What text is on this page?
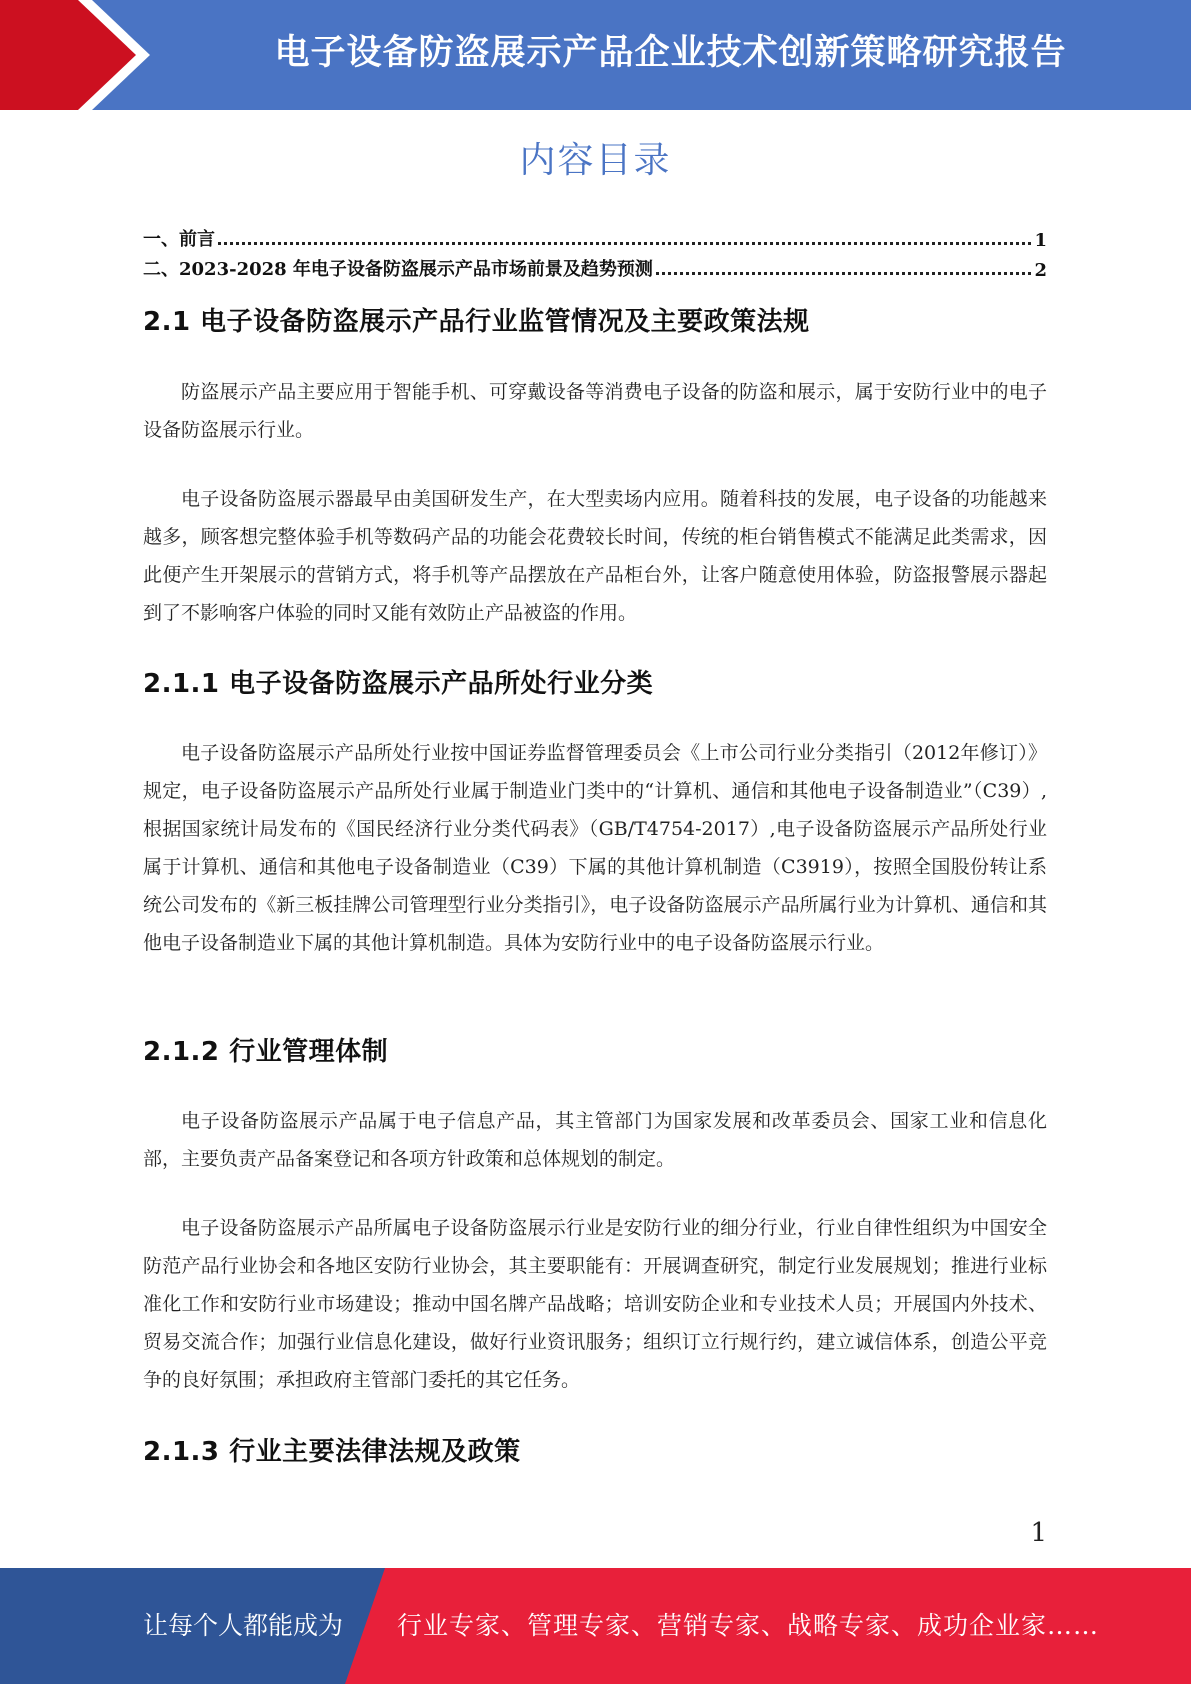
电子设备防盗展示产品企业技术创新策略研究报告
内容目录
一、前言	1
二、2023-2028 年电子设备防盗展示产品市场前景及趋势预测	2
2.1 电子设备防盗展示产品行业监管情况及主要政策法规
防盗展示产品主要应用于智能手机、可穿戴设备等消费电子设备的防盗和展示，属于安防行业中的电子设备防盗展示行业。
电子设备防盗展示器最早由美国研发生产，在大型卖场内应用。随着科技的发展，电子设备的功能越来越多，顾客想完整体验手机等数码产品的功能会花费较长时间，传统的柜台销售模式不能满足此类需求，因此便产生开架展示的营销方式，将手机等产品摆放在产品柜台外，让客户随意使用体验，防盗报警展示器起到了不影响客户体验的同时又能有效防止产品被盗的作用。
2.1.1 电子设备防盗展示产品所处行业分类
电子设备防盗展示产品所处行业按中国证券监督管理委员会《上市公司行业分类指引（2012年修订）》规定，电子设备防盗展示产品所处行业属于制造业门类中的“计算机、通信和其他电子设备制造业”（C39）,根据国家统计局发布的《国民经济行业分类代码表》（GB/T4754-2017）,电子设备防盗展示产品所处行业属于计算机、通信和其他电子设备制造业（C39）下属的其他计算机制造（C3919），按照全国股份转让系统公司发布的《新三板挂牌公司管理型行业分类指引》，电子设备防盗展示产品所属行业为计算机、通信和其他电子设备制造业下属的其他计算机制造。具体为安防行业中的电子设备防盗展示行业。
2.1.2 行业管理体制
电子设备防盗展示产品属于电子信息产品，其主管部门为国家发展和改革委员会、国家工业和信息化部，主要负责产品备案登记和各项方针政策和总体规划的制定。
电子设备防盗展示产品所属电子设备防盗展示行业是安防行业的细分行业，行业自律性组织为中国安全防范产品行业协会和各地区安防行业协会，其主要职能有：开展调查研究，制定行业发展规划；推进行业标准化工作和安防行业市场建设；推动中国名牌产品战略；培训安防企业和专业技术人员；开展国内外技术、贸易交流合作；加强行业信息化建设，做好行业资讯服务；组织订立行规行约，建立诚信体系，创造公平竞争的良好氛围；承担政府主管部门委托的其它任务。
2.1.3 行业主要法律法规及政策
1
让每个人都能成为 行业专家、管理专家、营销专家、战略专家、成功企业家……
